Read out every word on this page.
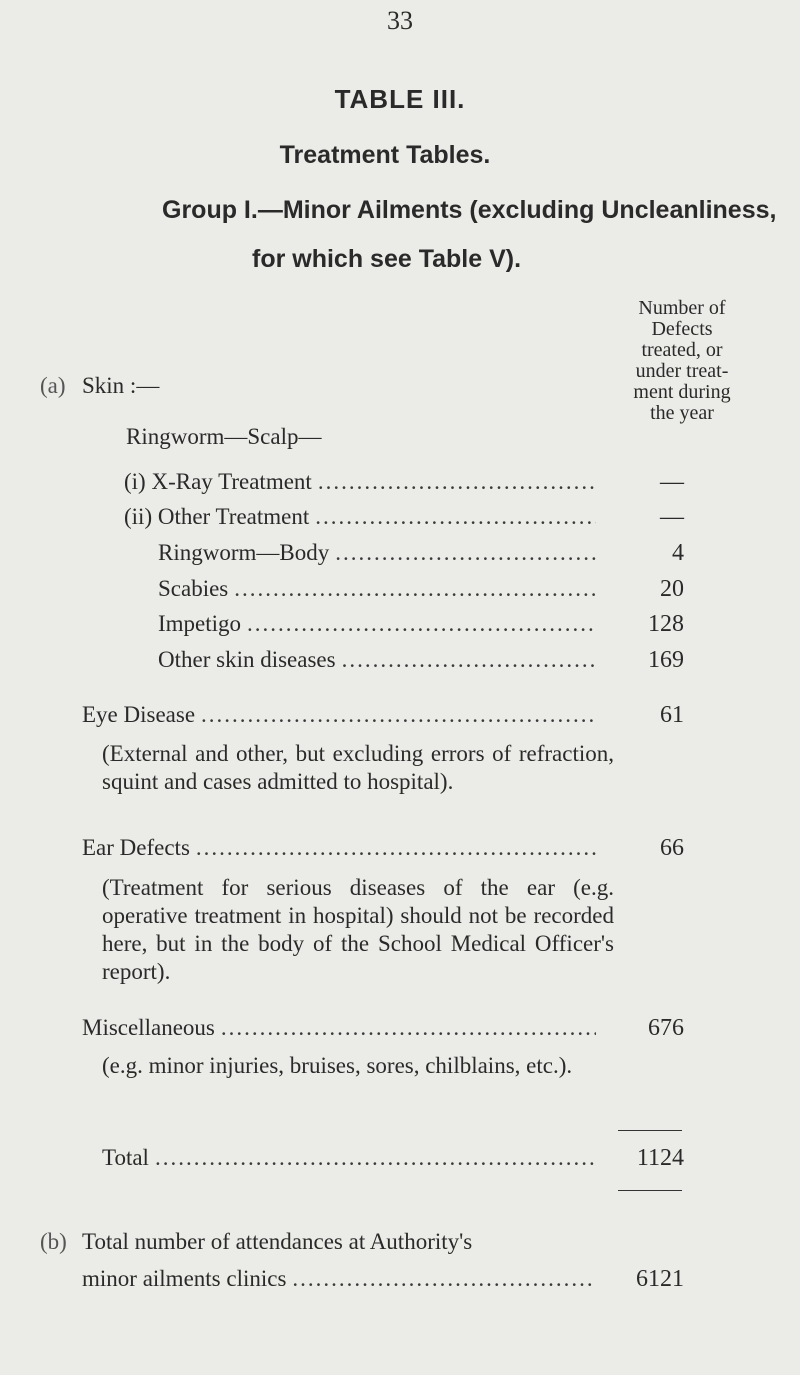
33
TABLE III.
Treatment Tables.
Group I.—Minor Ailments (excluding Uncleanliness,
for which see Table V).
Number of
Defects
treated, or
under treat-
ment during
the year
(a) Skin :—
Ringworm—Scalp—
(i) X-Ray Treatment .....	—
(ii) Other Treatment .....	—
Ringworm—Body .....	4
Scabies .....	20
Impetigo .....	128
Other skin diseases .....	169
Eye Disease .....	61
(External and other, but excluding errors of refraction, squint and cases admitted to hospital).
Ear Defects .....	66
(Treatment for serious diseases of the ear (e.g. operative treatment in hospital) should not be recorded here, but in the body of the School Medical Officer's report).
Miscellaneous .....	676
(e.g. minor injuries, bruises, sores, chilblains, etc.).
Total .....	1124
(b) Total number of attendances at Authority's
minor ailments clinics .....	6121
